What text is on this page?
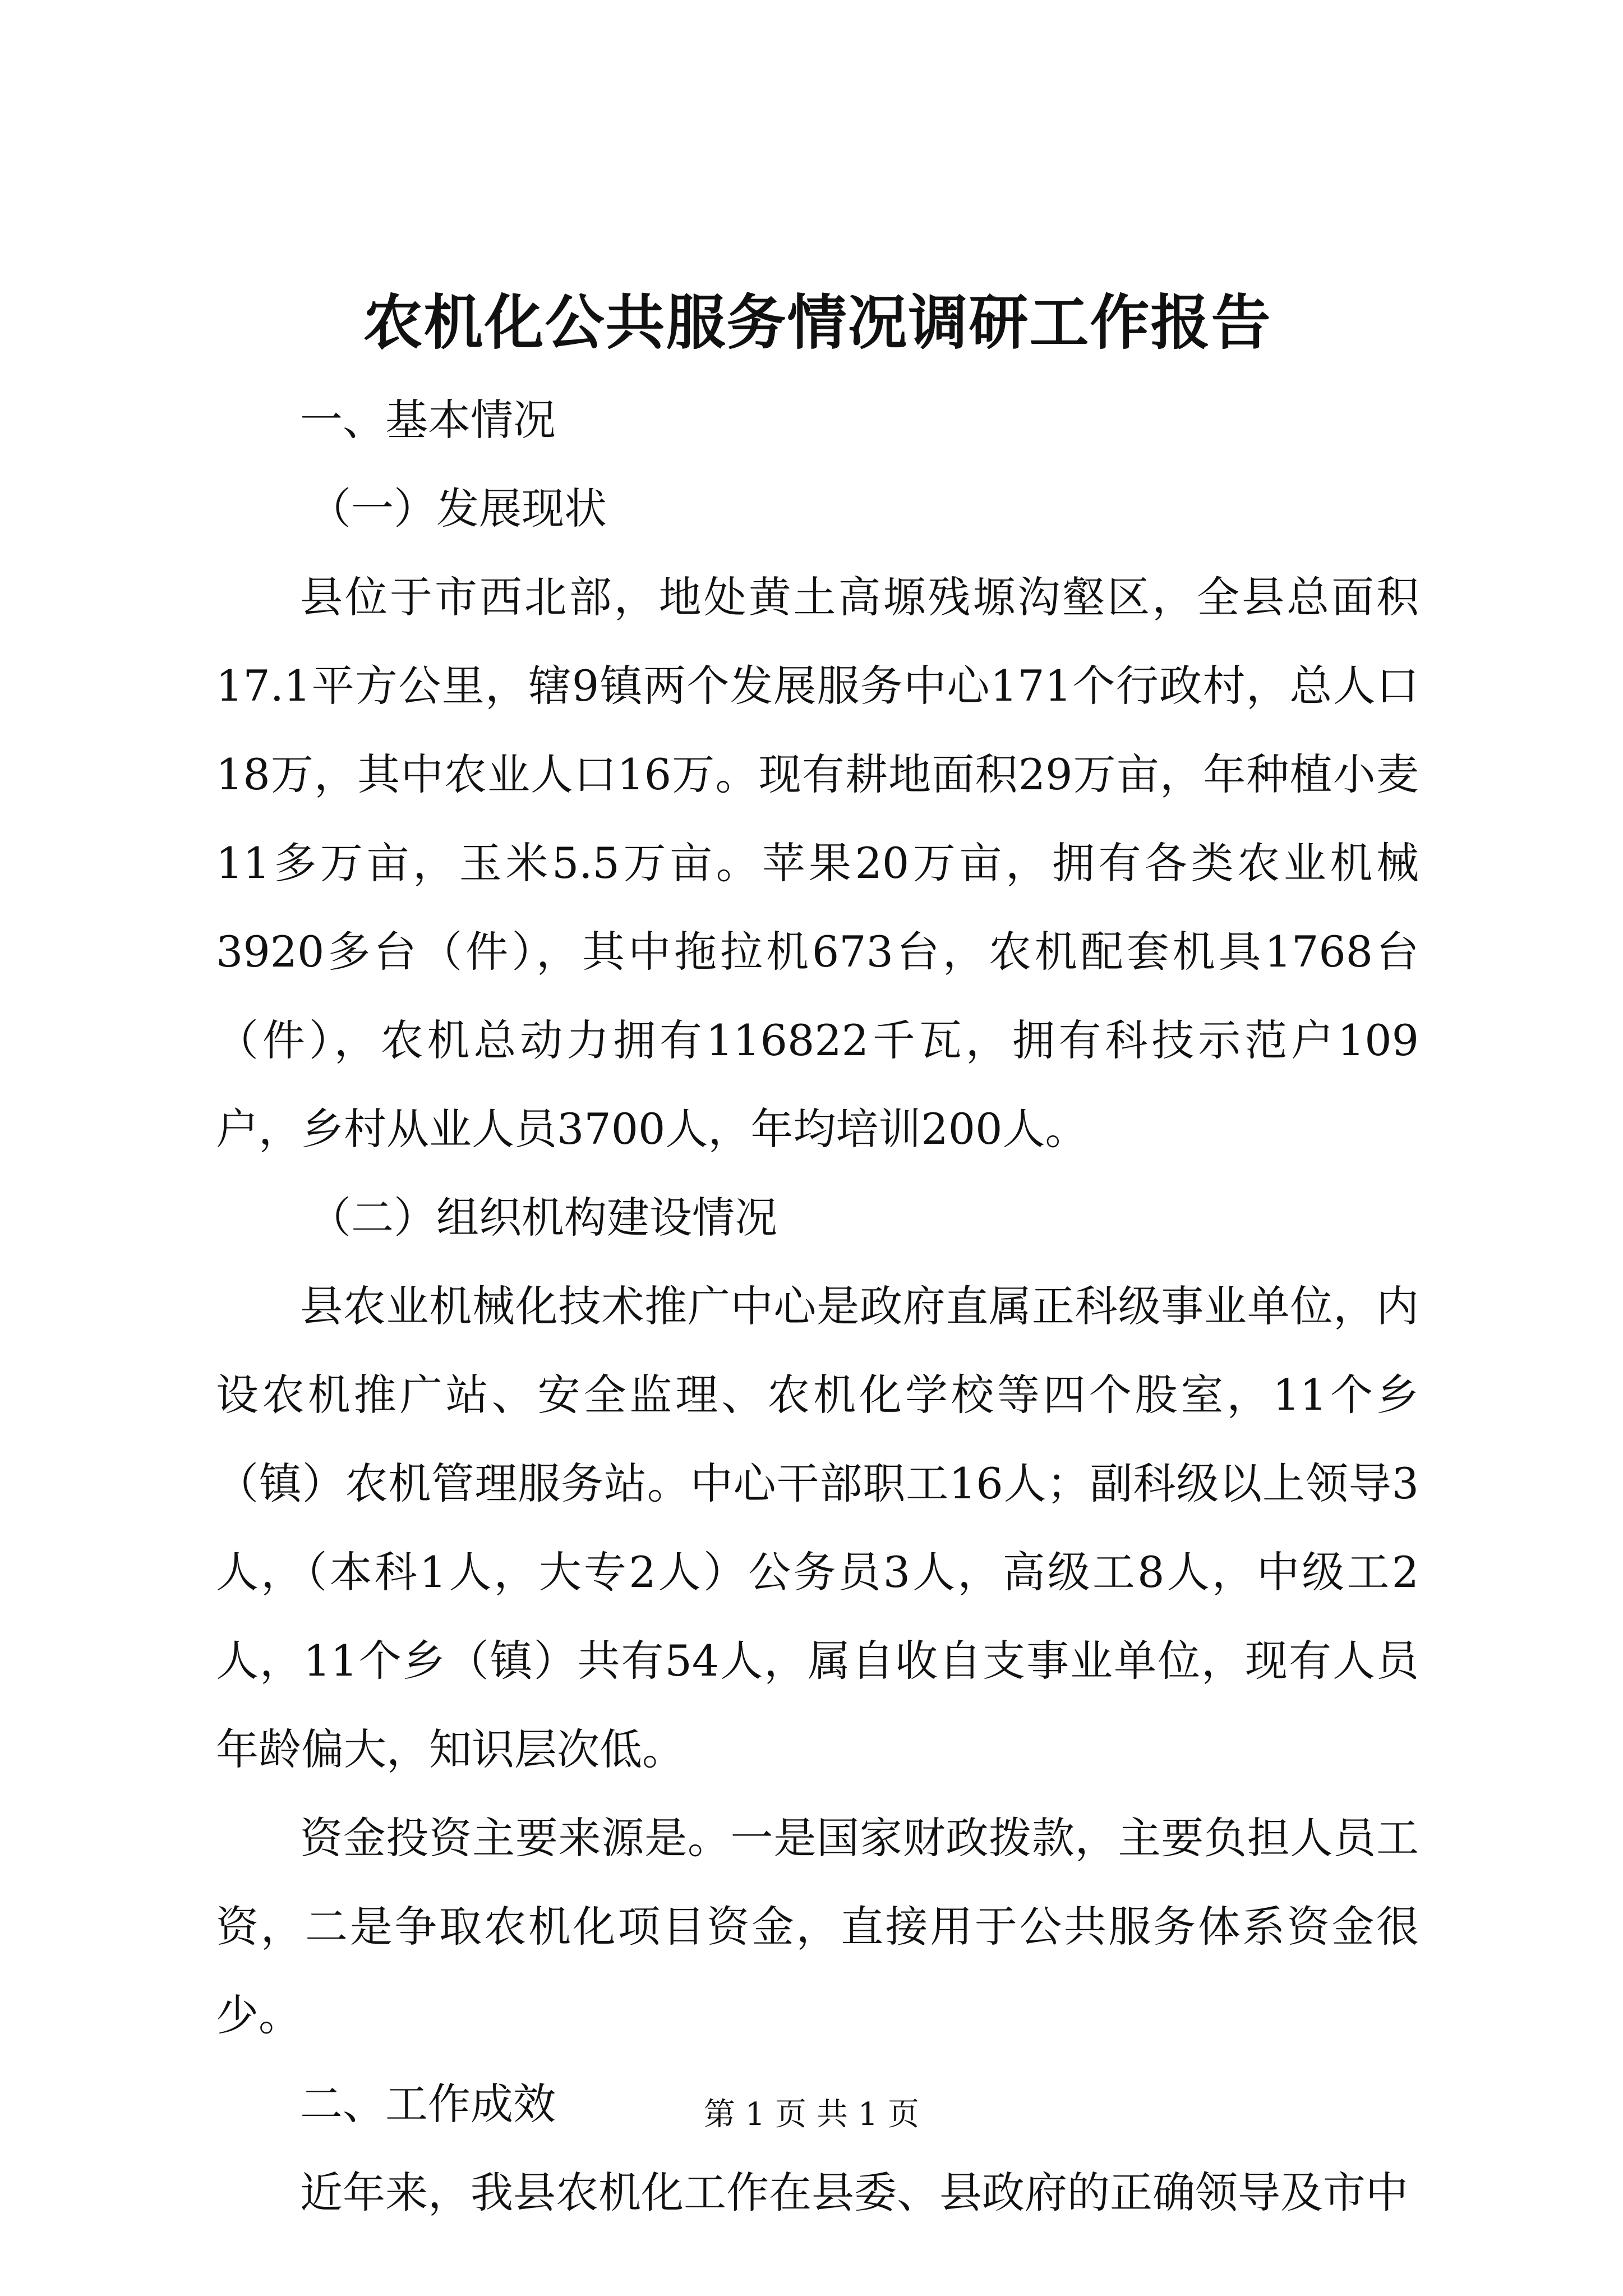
农机化公共服务情况调研工作报告

一、基本情况

（一）发展现状

县位于市西北部，地处黄土高塬残塬沟壑区，全县总面积17.1平方公里，辖9镇两个发展服务中心171个行政村，总人口18万，其中农业人口16万。现有耕地面积29万亩，年种植小麦11多万亩，玉米5.5万亩。苹果20万亩，拥有各类农业机械3920多台（件），其中拖拉机673台，农机配套机具1768台（件），农机总动力拥有116822千瓦，拥有科技示范户109户，乡村从业人员3700人，年均培训200人。

（二）组织机构建设情况

县农业机械化技术推广中心是政府直属正科级事业单位，内设农机推广站、安全监理、农机化学校等四个股室，11个乡（镇）农机管理服务站。中心干部职工16人；副科级以上领导3人，（本科1人，大专2人）公务员3人，高级工8人，中级工2人，11个乡（镇）共有54人，属自收自支事业单位，现有人员年龄偏大，知识层次低。

资金投资主要来源是。一是国家财政拨款，主要负担人员工资，二是争取农机化项目资金，直接用于公共服务体系资金很少。

二、工作成效

近年来，我县农机化工作在县委、县政府的正确领导及市中

第 1 页 共 1 页
